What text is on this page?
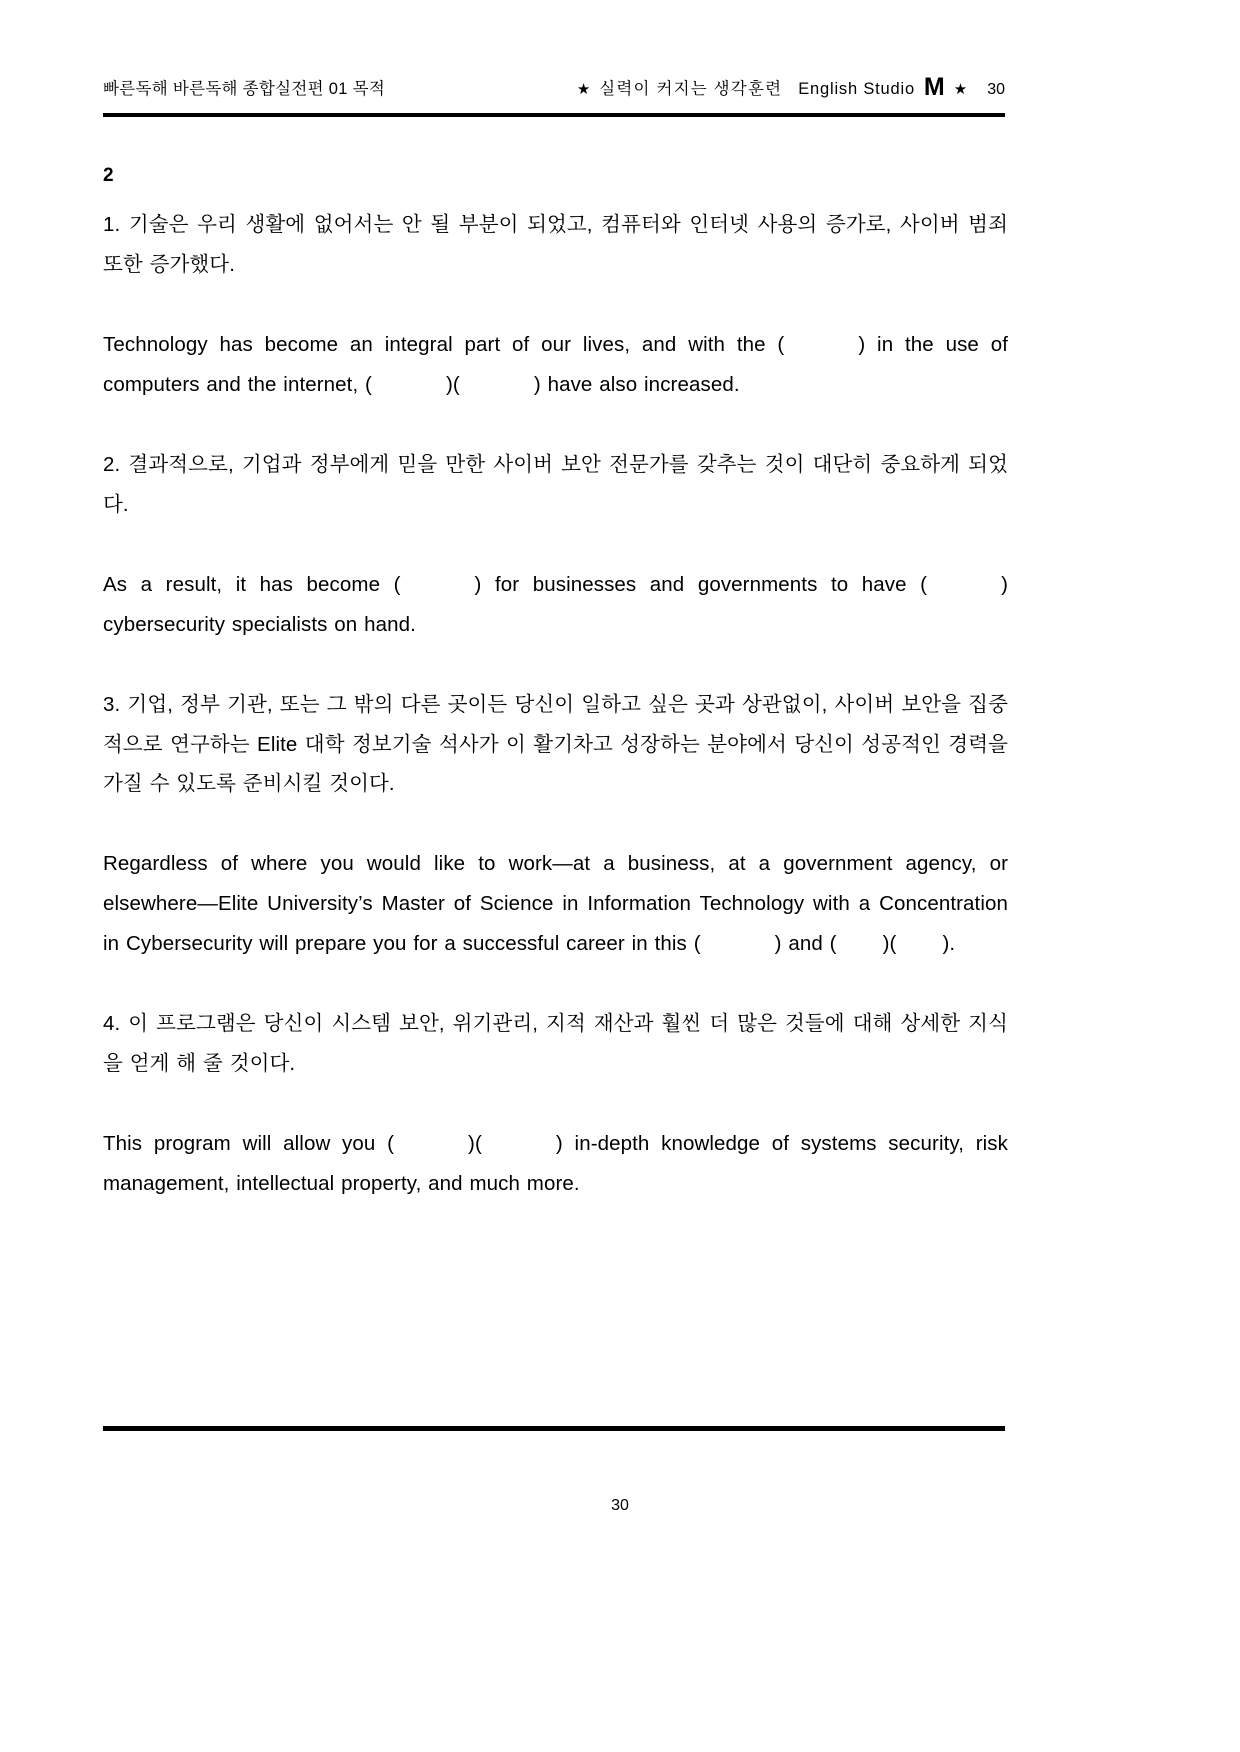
빠른독해 바른독해 종합실전편 01 목적	★ 실력이 커지는 생각훈련 English Studio M ★ 30
2

1. 기술은 우리 생활에 없어서는 안 될 부분이 되었고, 컴퓨터와 인터넷 사용의 증가로, 사이버 범죄 또한 증가했다.

Technology has become an integral part of our lives, and with the (	) in the use of computers and the internet, (	)(	) have also increased.

2. 결과적으로, 기업과 정부에게 믿을 만한 사이버 보안 전문가를 갖추는 것이 대단히 중요하게 되었다.

As a result, it has become (	) for businesses and governments to have (	) cybersecurity specialists on hand.

3. 기업, 정부 기관, 또는 그 밖의 다른 곳이든 당신이 일하고 싶은 곳과 상관없이, 사이버 보안을 집중적으로 연구하는 Elite 대학 정보기술 석사가 이 활기차고 성장하는 분야에서 당신이 성공적인 경력을 가질 수 있도록 준비시킬 것이다.

Regardless of where you would like to work—at a business, at a government agency, or elsewhere—Elite University’s Master of Science in Information Technology with a Concentration in Cybersecurity will prepare you for a successful career in this (	) and ( )( ).

4. 이 프로그램은 당신이 시스템 보안, 위기관리, 지적 재산과 훨씬 더 많은 것들에 대해 상세한 지식을 얻게 해 줄 것이다.

This program will allow you (	)(	) in-depth knowledge of systems security, risk management, intellectual property, and much more.

30
